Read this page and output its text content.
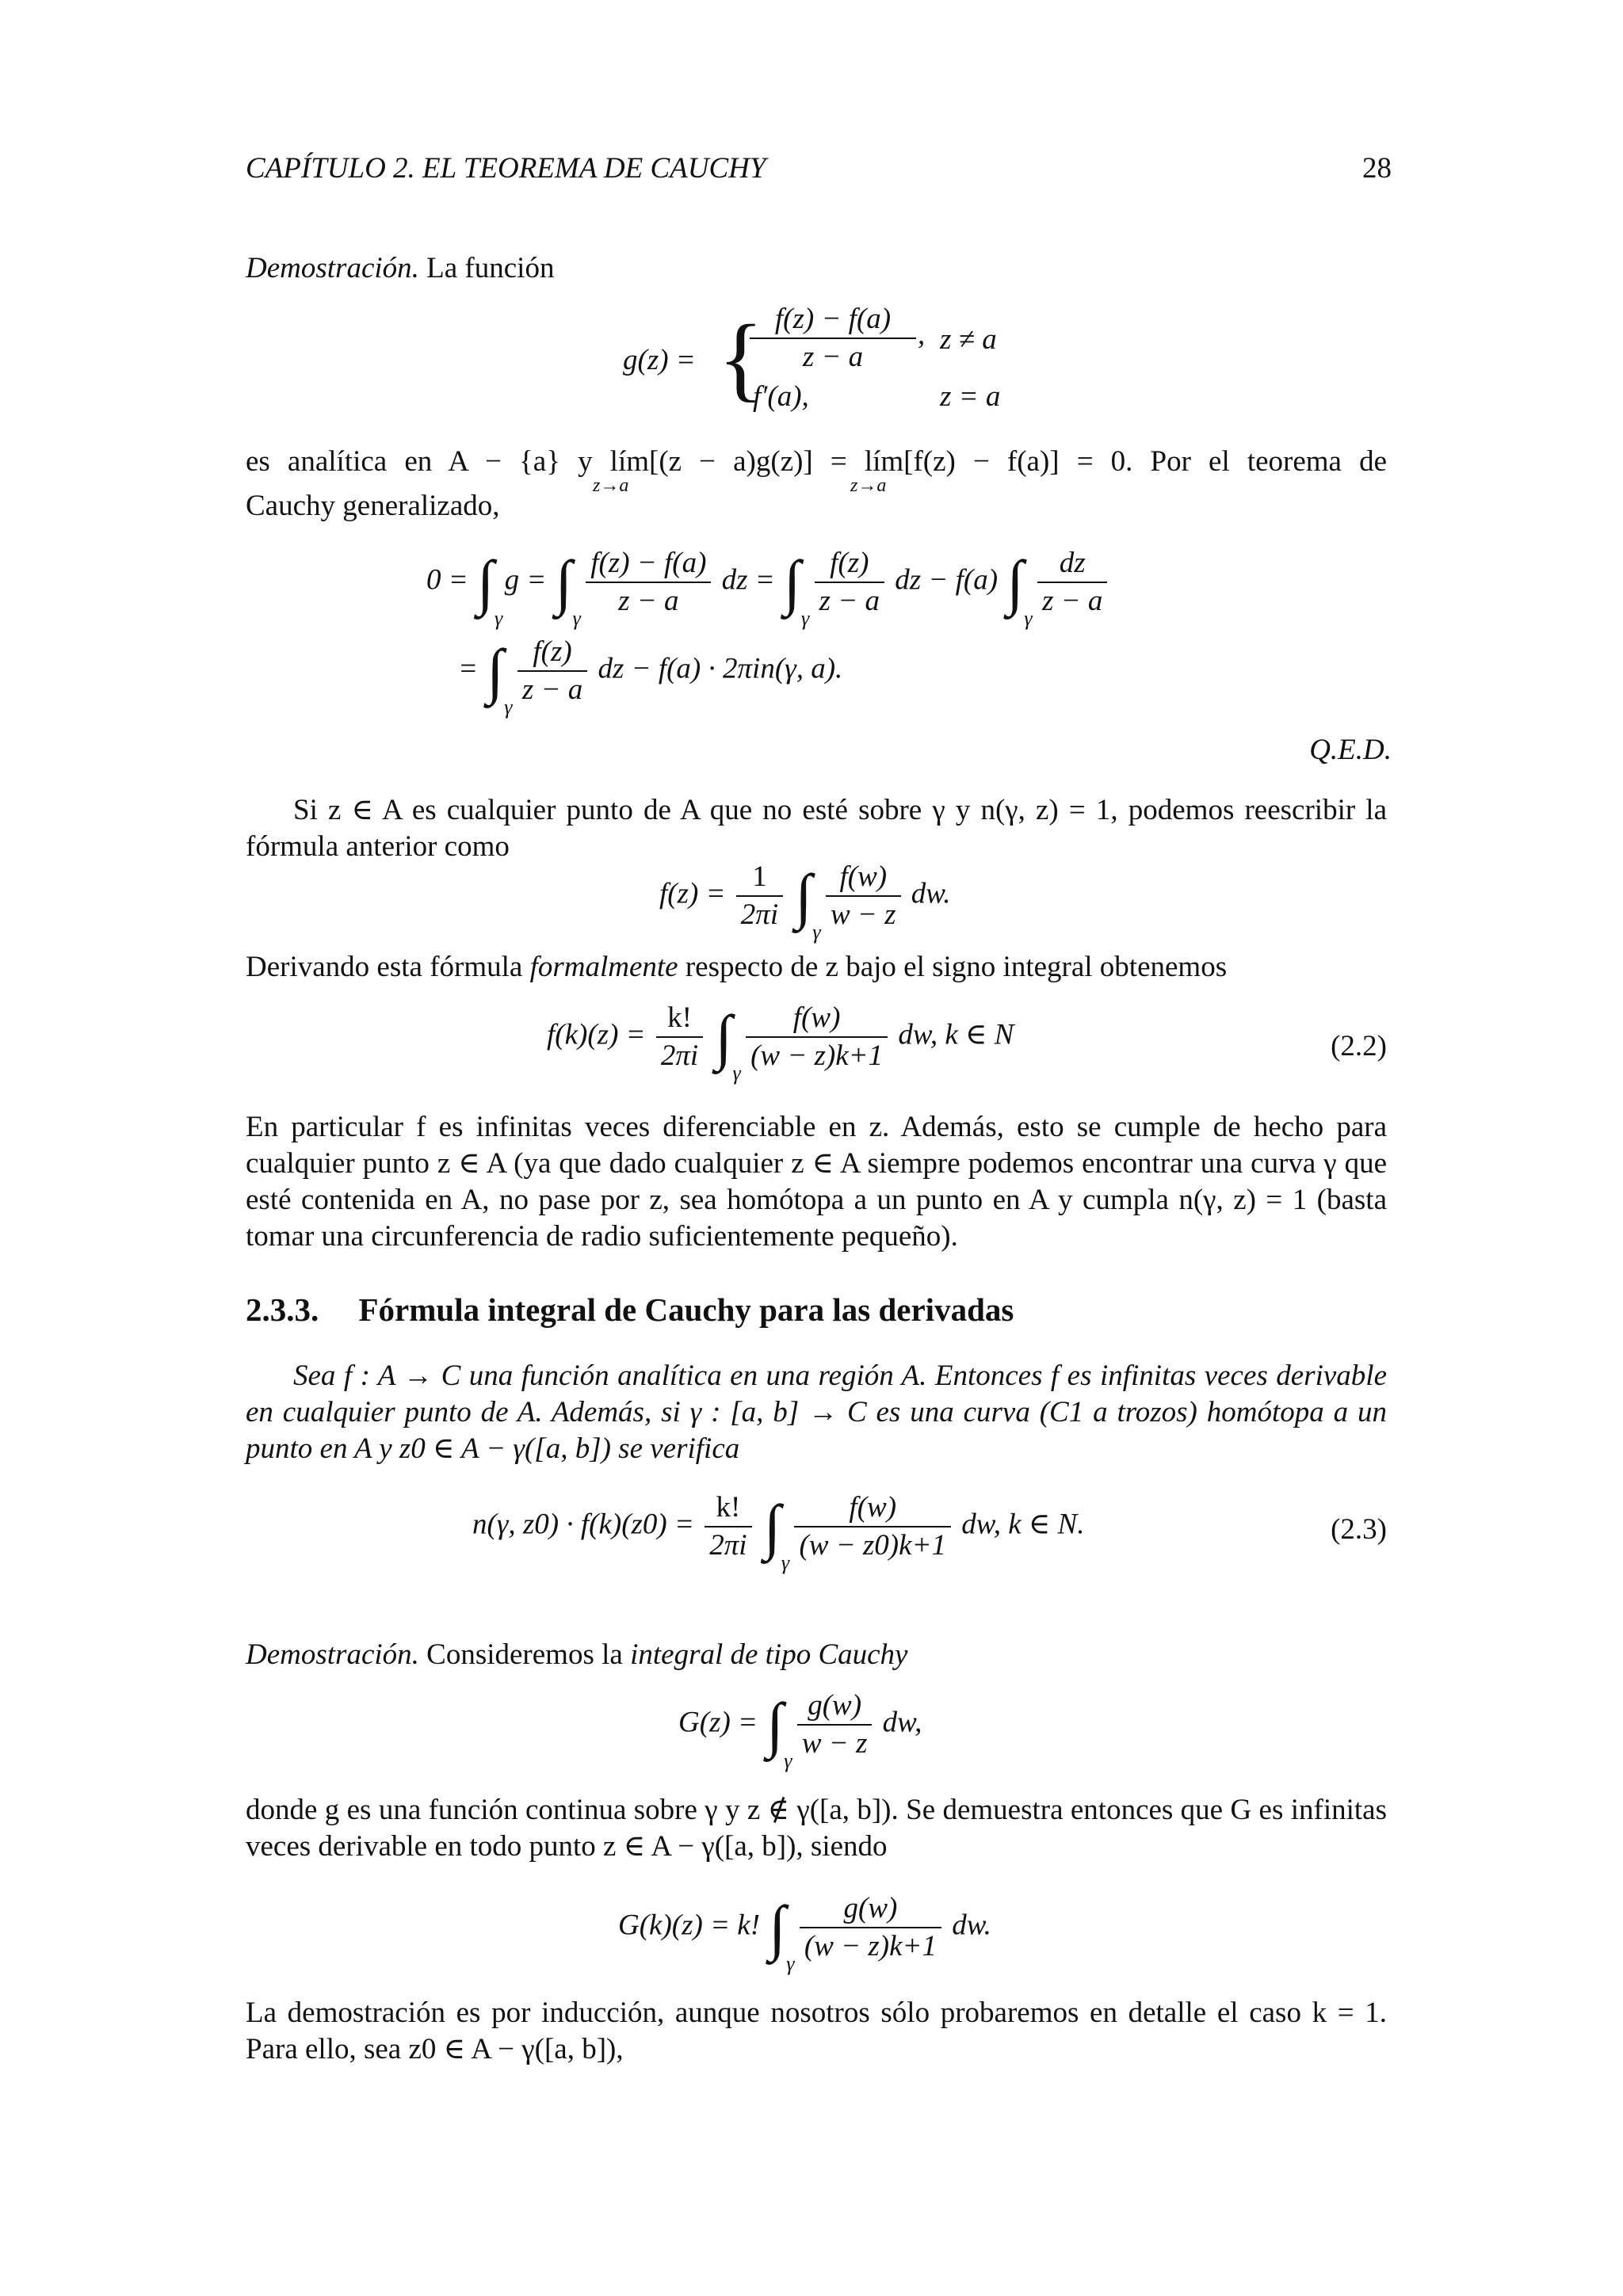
CAPÍTULO 2. EL TEOREMA DE CAUCHY	28
Demostración. La función
g(z) = {
$\frac{f(z) - f(a)}{z - a}$ , z ≠ a
f′(a),	z = a
es analítica en A − {a} y lím[(z − a)g(z)] = lím[f(z) − f(a)] = 0. Por el teorema de
z→a	z→a
Cauchy generalizado,
0 = ∫
γ
g = ∫
γ
$\frac{f(z) - f(a)}{z - a}$ dz = ∫
γ
$\frac{f(z)}{z - a}$ dz − f(a) ∫
γ
$\frac{dz}{z - a}$
= ∫
γ
$\frac{f(z)}{z - a}$ dz − f(a) · 2πin(γ, a).
Q.E.D.
Si z ∈ A es cualquier punto de A que no esté sobre γ y n(γ, z) = 1, podemos reescribir la fórmula anterior como
$f(z) = \frac{1}{2\pi i}$ ∫
γ
$\frac{f(w)}{w - z}$ dw.
Derivando esta fórmula formalmente respecto de z bajo el signo integral obtenemos
$f(k)(z) = \frac{k!}{2\pi i}$ ∫
γ
$\frac{f(w)}{(w - z)k+1}$ dw, k ∈ N	(2.2)
En particular f es infinitas veces diferenciable en z. Además, esto se cumple de hecho para cualquier punto z ∈ A (ya que dado cualquier z ∈ A siempre podemos encontrar una curva γ que esté contenida en A, no pase por z, sea homótopa a un punto en A y cumpla n(γ, z) = 1 (basta tomar una circunferencia de radio suficientemente pequeño).
2.3.3. Fórmula integral de Cauchy para las derivadas
Sea f : A → C una función analítica en una región A. Entonces f es infinitas veces derivable en cualquier punto de A. Además, si γ : [a, b] → C es una curva (C1 a trozos) homótopa a un punto en A y z0 ∈ A − γ([a, b]) se verifica
n(γ, $z0) \cdot f(k)(z0) = \frac{k!}{2\pi i}$ ∫
γ
$\frac{f(w)}{(w - z0)k+1}$ dw, k ∈ N.	(2.3)
Demostración. Consideremos la integral de tipo Cauchy
G(z) = ∫
γ
$\frac{g(w)}{w - z}$ dw,
donde g es una función continua sobre γ y z ∉ γ([a, b]). Se demuestra entonces que G es infinitas veces derivable en todo punto z ∈ A − γ([a, b]), siendo
G(k)(z) = k! ∫
γ
$\frac{g(w)}{(w - z)k+1}$ dw.
La demostración es por inducción, aunque nosotros sólo probaremos en detalle el caso k = 1. Para ello, sea z0 ∈ A − γ([a, b]),
